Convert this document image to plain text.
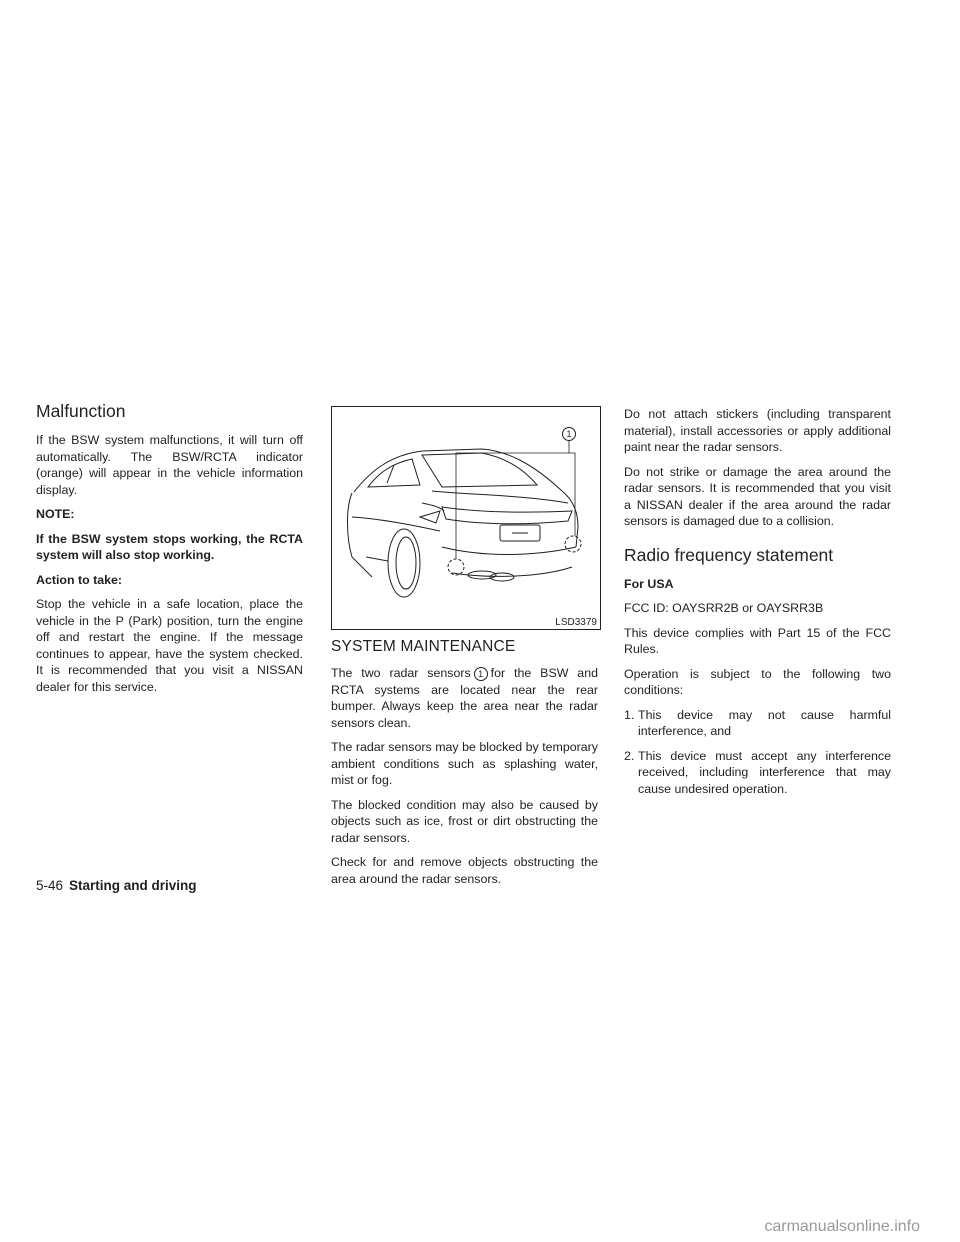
Malfunction

If the BSW system malfunctions, it will turn off automatically. The BSW/RCTA indicator (orange) will appear in the vehicle information display.

NOTE:
If the BSW system stops working, the RCTA system will also stop working.
Action to take:

Stop the vehicle in a safe location, place the vehicle in the P (Park) position, turn the engine off and restart the engine. If the message continues to appear, have the system checked. It is recommended that you visit a NISSAN dealer for this service.

1
LSD3379
SYSTEM MAINTENANCE

The two radar sensors 1 for the BSW and RCTA systems are located near the rear bumper. Always keep the area near the radar sensors clean.

The radar sensors may be blocked by temporary ambient conditions such as splashing water, mist or fog.

The blocked condition may also be caused by objects such as ice, frost or dirt obstructing the radar sensors.

Check for and remove objects obstructing the area around the radar sensors.

Do not attach stickers (including transparent material), install accessories or apply additional paint near the radar sensors.

Do not strike or damage the area around the radar sensors. It is recommended that you visit a NISSAN dealer if the area around the radar sensors is damaged due to a collision.

Radio frequency statement
For USA

FCC ID: OAYSRR2B or OAYSRR3B

This device complies with Part 15 of the FCC Rules.

Operation is subject to the following two conditions:

1. This device may not cause harmful interference, and
2. This device must accept any interference received, including interference that may cause undesired operation.
5-46 Starting and driving
carmanualsonline.info
